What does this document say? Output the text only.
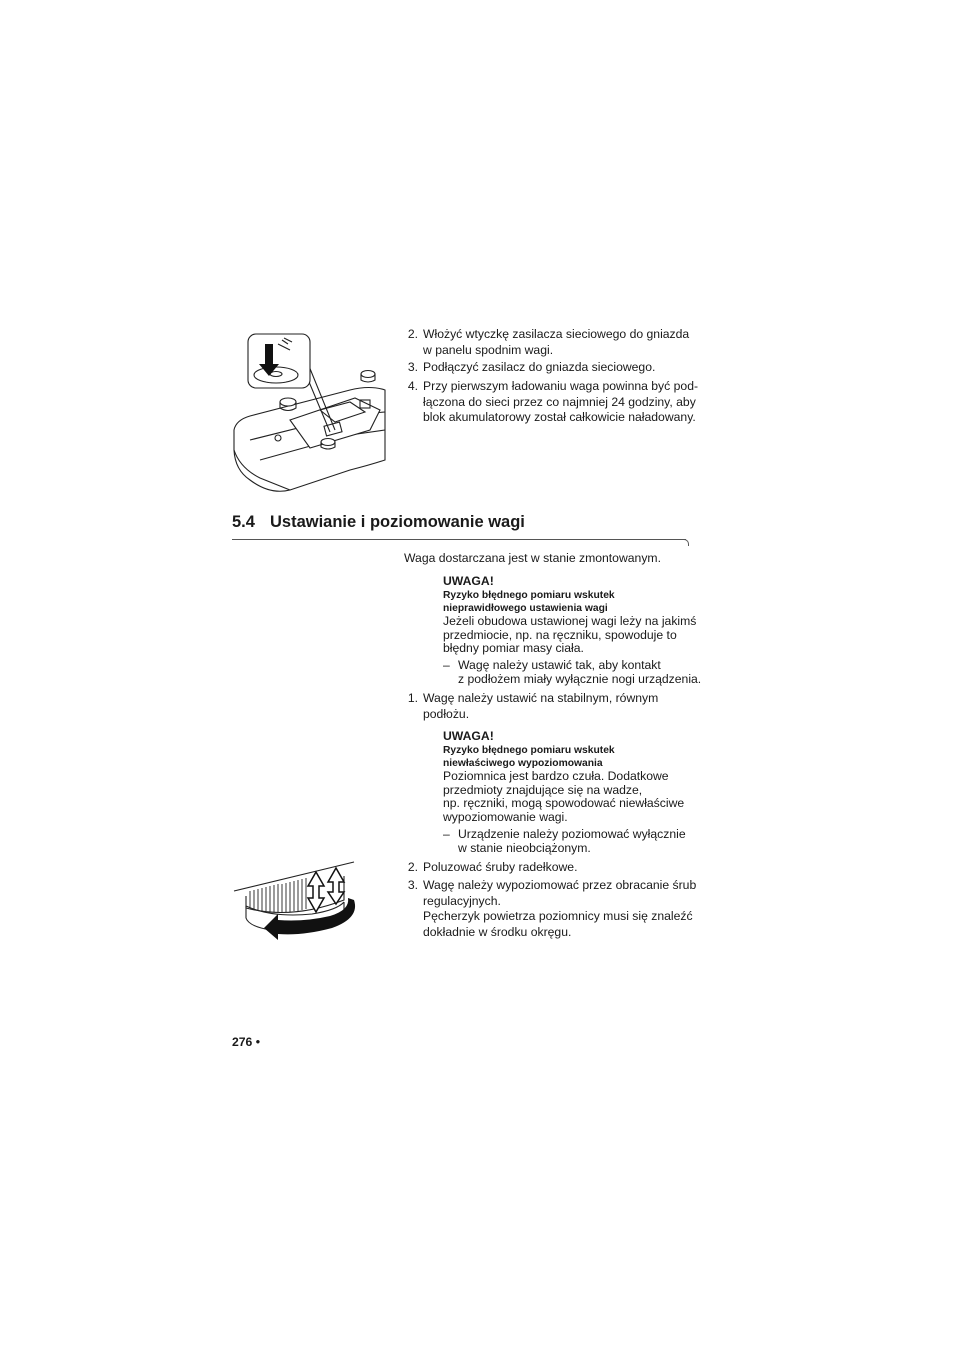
2. Włożyć wtyczkę zasilacza sieciowego do gniazda
w panelu spodnim wagi.
3. Podłączyć zasilacz do gniazda sieciowego.
4. Przy pierwszym ładowaniu waga powinna być pod-
łączona do sieci przez co najmniej 24 godziny, aby
blok akumulatorowy został całkowicie naładowany.
5.4 Ustawianie i poziomowanie wagi
Waga dostarczana jest w stanie zmontowanym.
UWAGA!
Ryzyko błędnego pomiaru wskutek
nieprawidłowego ustawienia wagi
Jeżeli obudowa ustawionej wagi leży na jakimś
przedmiocie, np. na ręczniku, spowoduje to
błędny pomiar masy ciała.
– Wagę należy ustawić tak, aby kontakt
z podłożem miały wyłącznie nogi urządzenia.
1. Wagę należy ustawić na stabilnym, równym
podłożu.
UWAGA!
Ryzyko błędnego pomiaru wskutek
niewłaściwego wypoziomowania
Poziomnica jest bardzo czuła. Dodatkowe
przedmioty znajdujące się na wadze,
np. ręczniki, mogą spowodować niewłaściwe
wypoziomowanie wagi.
– Urządzenie należy poziomować wyłącznie
w stanie nieobciążonym.
2. Poluzować śruby radełkowe.
3. Wagę należy wypoziomować przez obracanie śrub
regulacyjnych.
Pęcherzyk powietrza poziomnicy musi się znaleźć
dokładnie w środku okręgu.
276 •
